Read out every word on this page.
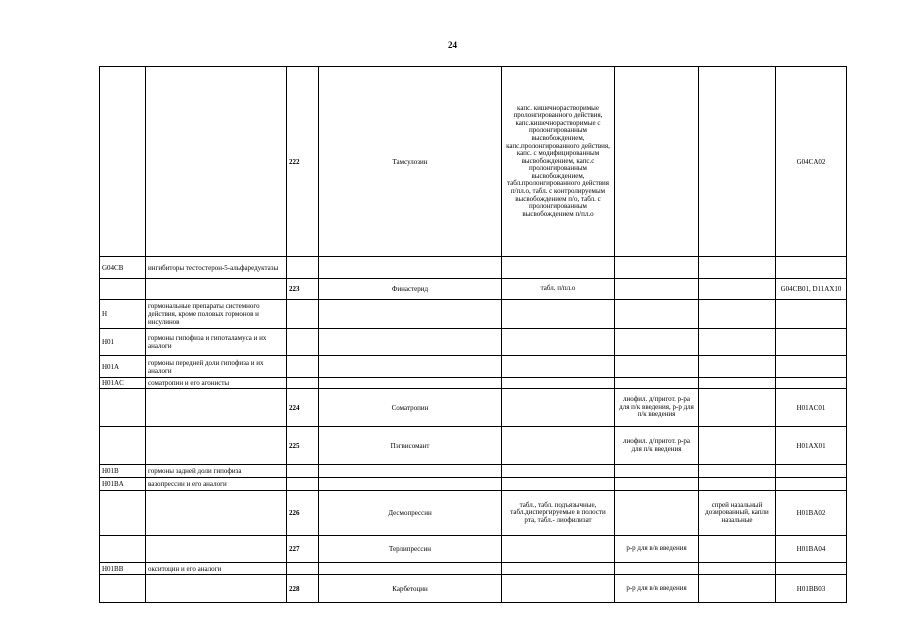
24
		222	Тамсулозин	капс. кишечнорастворимые пролонгированного действия, капс.кишечнорастворимые с пролонгированным высвобождением, капс.пролонгированного действия, капс. с модифицированным высвобождением, капс.с пролонгированным высвобождением, табл.пролонгированного действия п/пл.о, табл. с контролируемым высвобождением п/о, табл. с пролонгированным высвобождением п/пл.о			G04CA02
G04CB	ингибиторы тестостерон-5-альфаредуктазы						
		223	Финастерид	табл. п/пл.о			G04CB01, D11AX10
H	гормональные препараты системного действия, кроме половых гормонов и инсулинов						
H01	гормоны гипофиза и гипоталамуса и их аналоги						
H01A	гормоны передней доли гипофиза и их аналоги						
H01AC	соматропин и его агонисты						
		224	Соматропин		лиофил. д/пригот. р-ра для п/к введения, р-р для п/к введения		H01AC01
		225	Пэгвисомант		лиофил. д/пригот. р-ра для п/к введения		H01AX01
H01B	гормоны задней доли гипофиза						
H01BA	вазопрессин и его аналоги						
		226	Десмопрессин	табл., табл. подъязычные, табл.диспергируемые в полости рта, табл.- лиофилизат		спрей назальный дозированный, капли назальные	H01BA02
		227	Терлипрессин		р-р для в/в введения		H01BA04
H01BB	окситоцин и его аналоги						
		228	Карбетоцин		р-р для в/в введения		H01BB03
